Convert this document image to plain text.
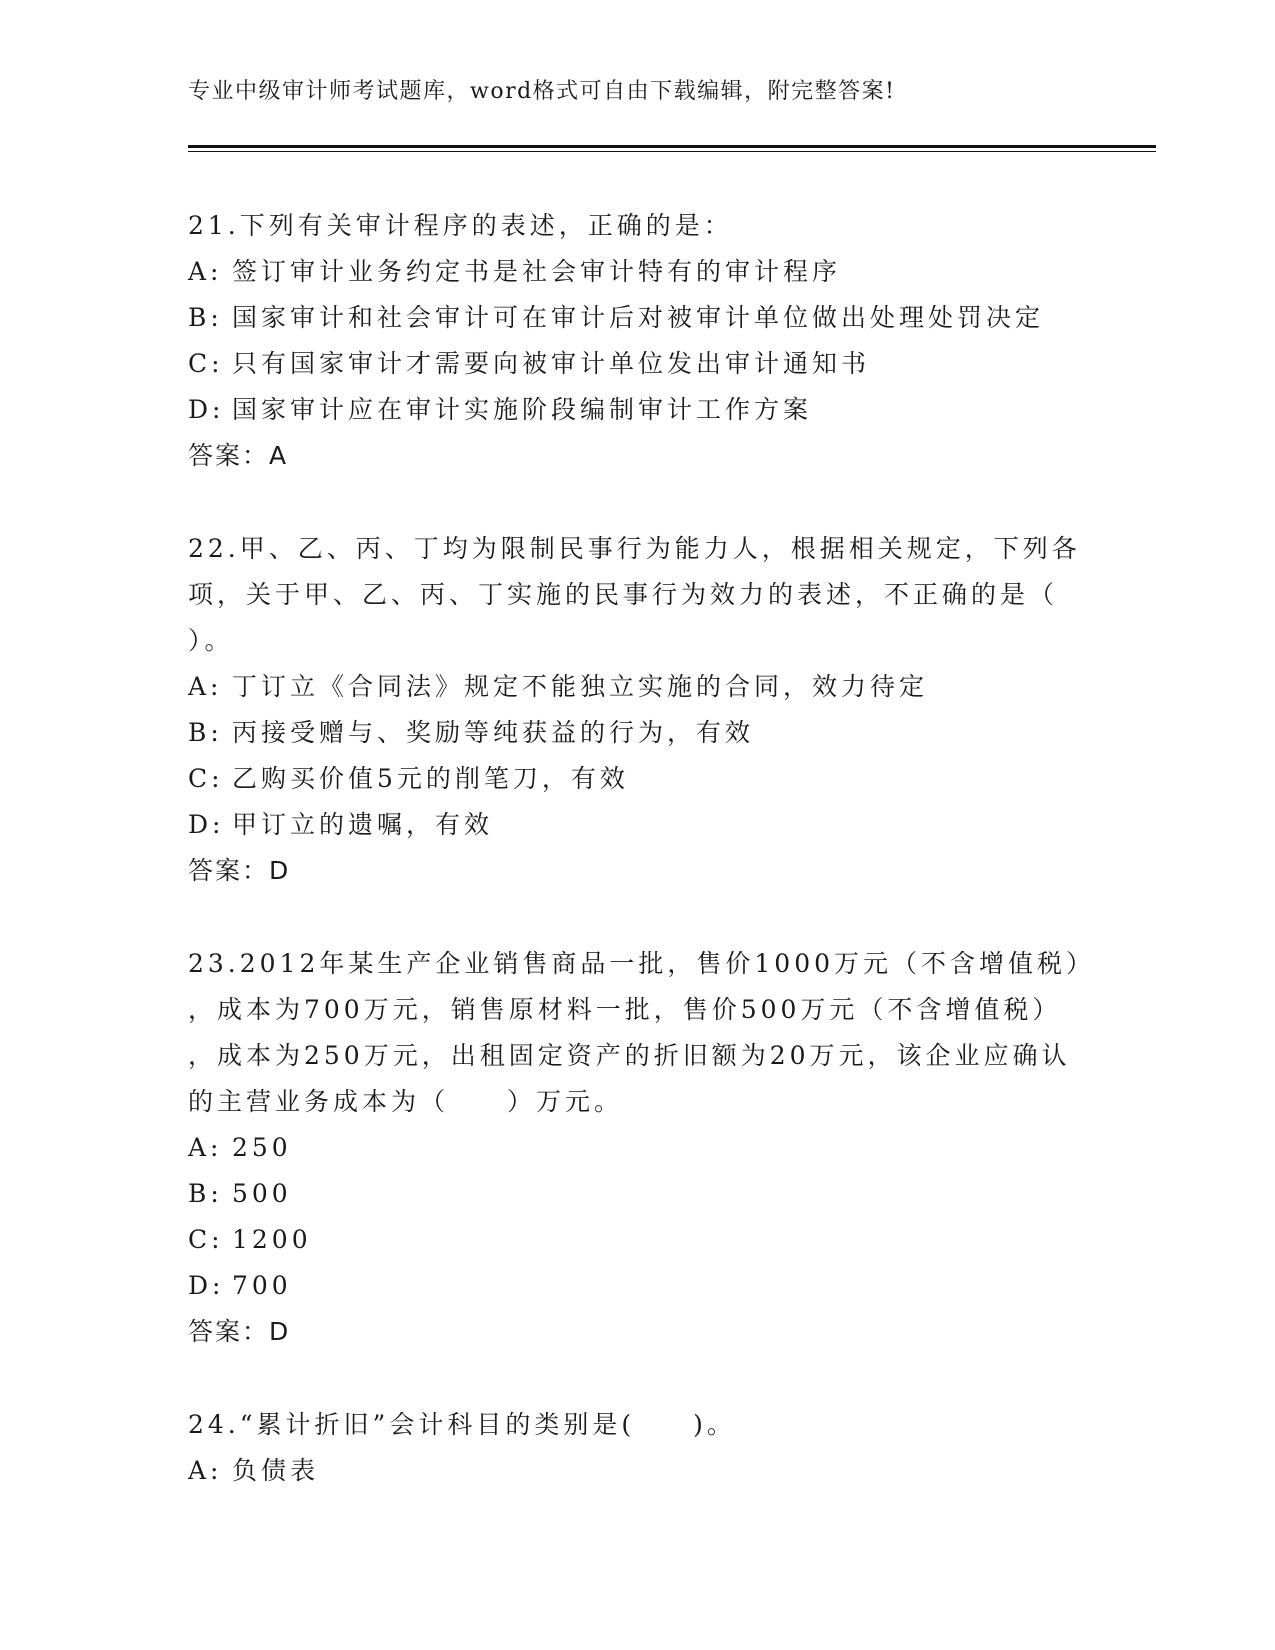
专业中级审计师考试题库，word格式可自由下载编辑，附完整答案!
21.下列有关审计程序的表述，正确的是：
A: 签订审计业务约定书是社会审计特有的审计程序
B: 国家审计和社会审计可在审计后对被审计单位做出处理处罚决定
C: 只有国家审计才需要向被审计单位发出审计通知书
D: 国家审计应在审计实施阶段编制审计工作方案
答案：A
22.甲、乙、丙、丁均为限制民事行为能力人，根据相关规定，下列各
项，关于甲、乙、丙、丁实施的民事行为效力的表述，不正确的是（
）。
A: 丁订立《合同法》规定不能独立实施的合同，效力待定
B: 丙接受赠与、奖励等纯获益的行为，有效
C: 乙购买价值5元的削笔刀，有效
D: 甲订立的遗嘱，有效
答案：D
23.2012年某生产企业销售商品一批，售价1000万元（不含增值税）
，成本为700万元，销售原材料一批，售价500万元（不含增值税）
，成本为250万元，出租固定资产的折旧额为20万元，该企业应确认
的主营业务成本为（　　）万元。
A: 250
B: 500
C: 1200
D: 700
答案：D
24.“累计折旧”会计科目的类别是(　　)。
A: 负债表
